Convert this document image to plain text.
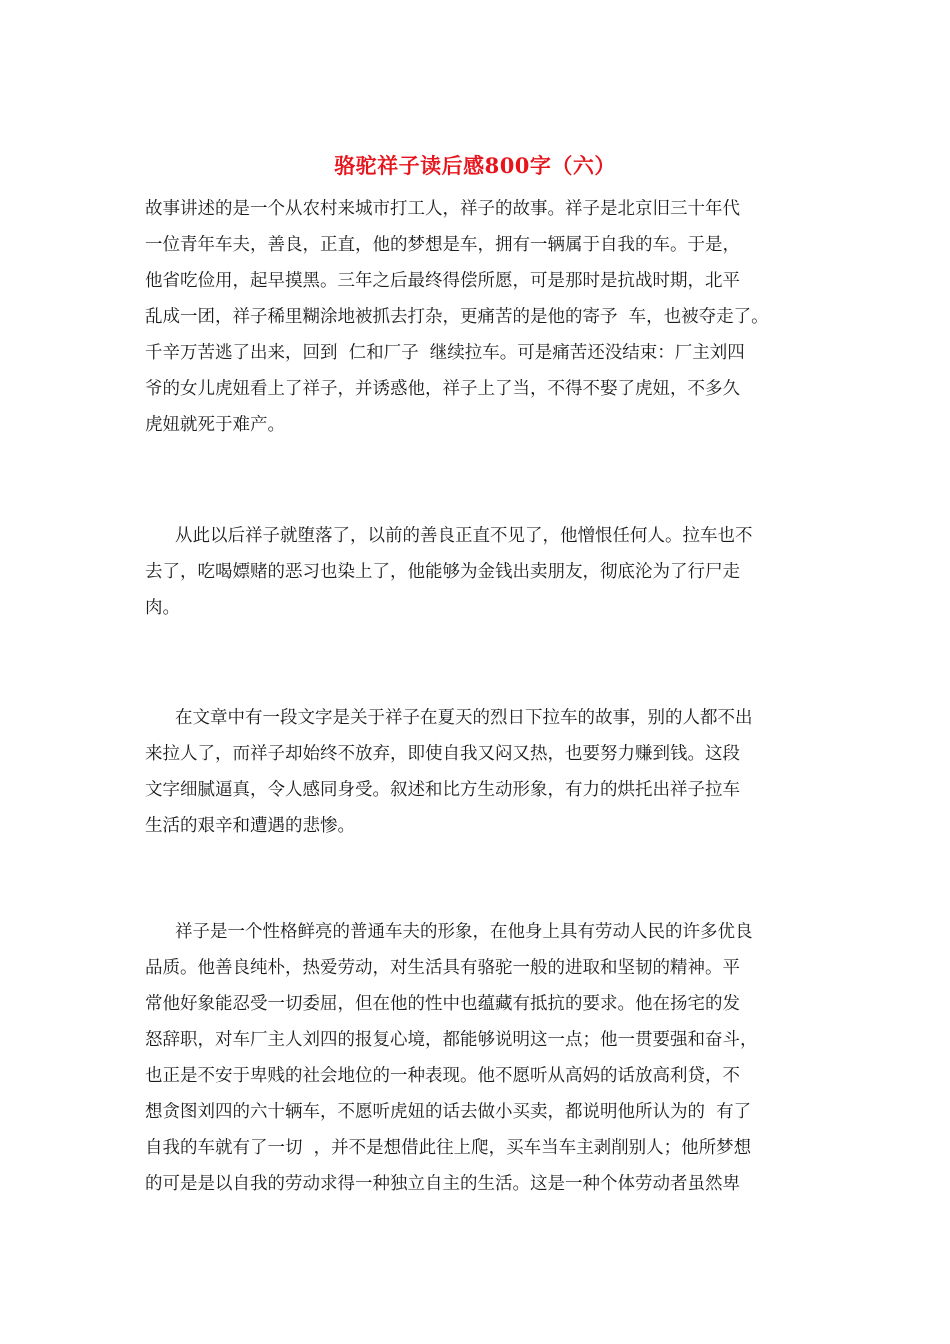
骆驼祥子读后感800字（六）
故事讲述的是一个从农村来城市打工人，祥子的故事。祥子是北京旧三十年代
一位青年车夫，善良，正直，他的梦想是车，拥有一辆属于自我的车。于是，
他省吃俭用，起早摸黑。三年之后最终得偿所愿，可是那时是抗战时期，北平
乱成一团，祥子稀里糊涂地被抓去打杂，更痛苦的是他的寄予  车，也被夺走了。
千辛万苦逃了出来，回到  仁和厂子  继续拉车。可是痛苦还没结束：厂主刘四
爷的女儿虎妞看上了祥子，并诱惑他，祥子上了当，不得不娶了虎妞，不多久
虎妞就死于难产。
从此以后祥子就堕落了，以前的善良正直不见了，他憎恨任何人。拉车也不
去了，吃喝嫖赌的恶习也染上了，他能够为金钱出卖朋友，彻底沦为了行尸走
肉。
在文章中有一段文字是关于祥子在夏天的烈日下拉车的故事，别的人都不出
来拉人了，而祥子却始终不放弃，即使自我又闷又热，也要努力赚到钱。这段
文字细腻逼真，令人感同身受。叙述和比方生动形象，有力的烘托出祥子拉车
生活的艰辛和遭遇的悲惨。
祥子是一个性格鲜亮的普通车夫的形象，在他身上具有劳动人民的许多优良
品质。他善良纯朴，热爱劳动，对生活具有骆驼一般的进取和坚韧的精神。平
常他好象能忍受一切委屈，但在他的性中也蕴藏有抵抗的要求。他在扬宅的发
怒辞职，对车厂主人刘四的报复心境，都能够说明这一点；他一贯要强和奋斗，
也正是不安于卑贱的社会地位的一种表现。他不愿听从高妈的话放高利贷，不
想贪图刘四的六十辆车，不愿听虎妞的话去做小买卖，都说明他所认为的  有了
自我的车就有了一切  ，并不是想借此往上爬，买车当车主剥削别人；他所梦想
的可是是以自我的劳动求得一种独立自主的生活。这是一种个体劳动者虽然卑
